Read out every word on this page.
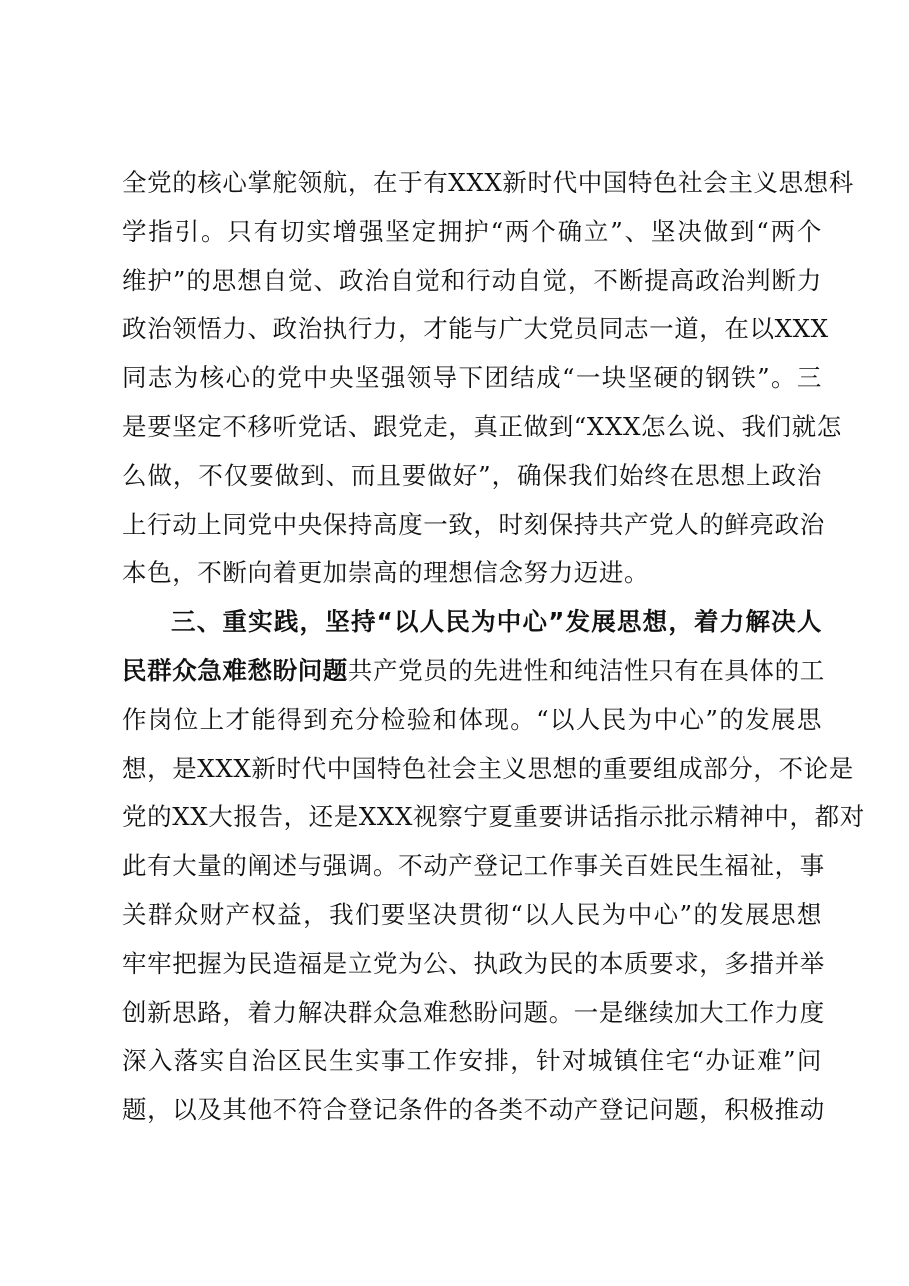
全党的核心掌舵领航，在于有XXX新时代中国特色社会主义思想科
学指引。只有切实增强坚定拥护“两个确立”、坚决做到“两个
维护”的思想自觉、政治自觉和行动自觉，不断提高政治判断力
政治领悟力、政治执行力，才能与广大党员同志一道，在以XXX
同志为核心的党中央坚强领导下团结成“一块坚硬的钢铁”。三
是要坚定不移听党话、跟党走，真正做到“XXX怎么说、我们就怎
么做，不仅要做到、而且要做好”，确保我们始终在思想上政治
上行动上同党中央保持高度一致，时刻保持共产党人的鲜亮政治
本色，不断向着更加崇高的理想信念努力迈进。
三、重实践，坚持“以人民为中心”发展思想，着力解决人
民群众急难愁盼问题共产党员的先进性和纯洁性只有在具体的工
作岗位上才能得到充分检验和体现。“以人民为中心”的发展思
想，是XXX新时代中国特色社会主义思想的重要组成部分，不论是
党的XX大报告，还是XXX视察宁夏重要讲话指示批示精神中，都对
此有大量的阐述与强调。不动产登记工作事关百姓民生福祉，事
关群众财产权益，我们要坚决贯彻“以人民为中心”的发展思想
牢牢把握为民造福是立党为公、执政为民的本质要求，多措并举
创新思路，着力解决群众急难愁盼问题。一是继续加大工作力度
深入落实自治区民生实事工作安排，针对城镇住宅“办证难”问
题，以及其他不符合登记条件的各类不动产登记问题，积极推动
